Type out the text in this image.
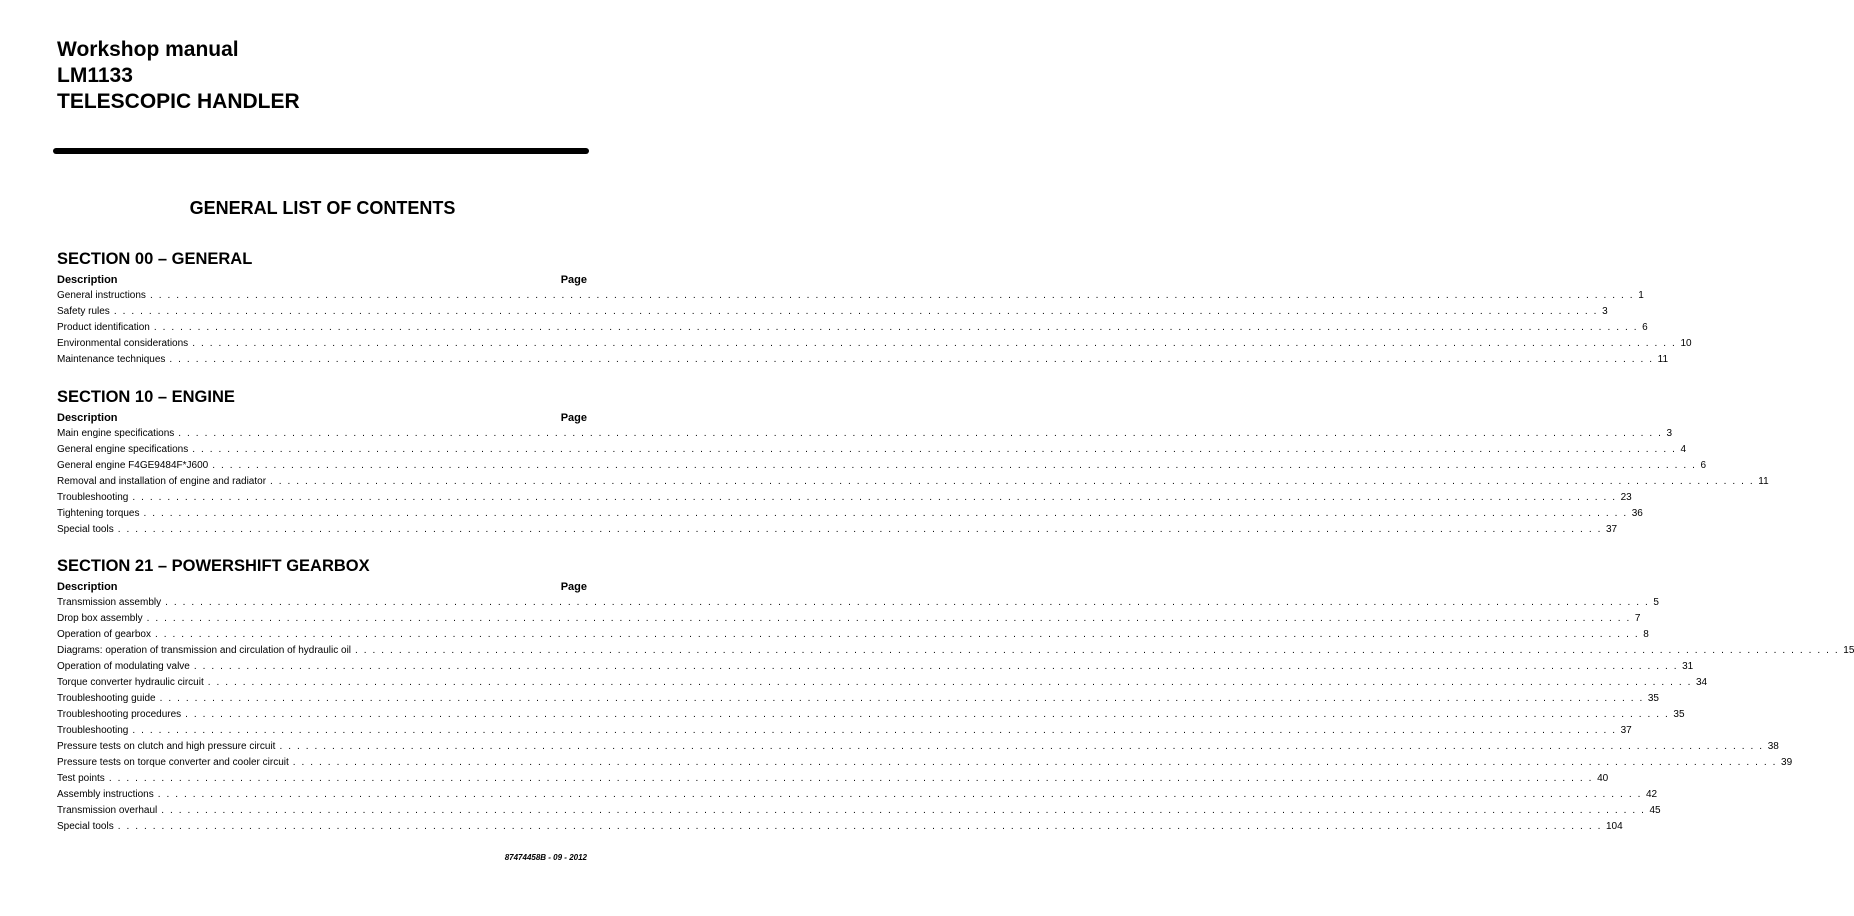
Workshop manual
LM1133
TELESCOPIC HANDLER
GENERAL LIST OF CONTENTS
SECTION 00 – GENERAL
Description	Page
General instructions . . . . . . . . . . . . . . . . . . . . . . . . . . . . . . . . . . . . . . . . . . . . . . . . . . . . . . . . . . . . . . . . . . . . . . . . . . . . . . . . . . . . . . . . . . . . . . . . . . . . . . . . . . . . . . . . . . . . . . . . . . . . . . . . . . . . . . . . . . . . . . . . . . . . . . . . . . . . . . . . . . . . . . . . . . 1
Safety rules . . . . . . . . . . . . . . . . . . . . . . . . . . . . . . . . . . . . . . . . . . . . . . . . . . . . . . . . . . . . . . . . . . . . . . . . . . . . . . . . . . . . . . . . . . . . . . . . . . . . . . . . . . . . . . . . . . . . . . . . . . . . . . . . . . . . . . . . . . . . . . . . . . . . . . . . . . . . . . . . . . . . . . . . . . 3
Product identification . . . . . . . . . . . . . . . . . . . . . . . . . . . . . . . . . . . . . . . . . . . . . . . . . . . . . . . . . . . . . . . . . . . . . . . . . . . . . . . . . . . . . . . . . . . . . . . . . . . . . . . . . . . . . . . . . . . . . . . . . . . . . . . . . . . . . . . . . . . . . . . . . . . . . . . . . . . . . . . . . . . . . . . . . . 6
Environmental considerations . . . . . . . . . . . . . . . . . . . . . . . . . . . . . . . . . . . . . . . . . . . . . . . . . . . . . . . . . . . . . . . . . . . . . . . . . . . . . . . . . . . . . . . . . . . . . . . . . . . . . . . . . . . . . . . . . . . . . . . . . . . . . . . . . . . . . . . . . . . . . . . . . . . . . . . . . . . . . . . . . . . . . . . . . . 10
Maintenance techniques . . . . . . . . . . . . . . . . . . . . . . . . . . . . . . . . . . . . . . . . . . . . . . . . . . . . . . . . . . . . . . . . . . . . . . . . . . . . . . . . . . . . . . . . . . . . . . . . . . . . . . . . . . . . . . . . . . . . . . . . . . . . . . . . . . . . . . . . . . . . . . . . . . . . . . . . . . . . . . . . . . . . . . . . . . 11
SECTION 10 – ENGINE
Description	Page
Main engine specifications . . . . . . . . . . . . . . . . . . . . . . . . . . . . . . . . . . . . . . . . . . . . . . . . . . . . . . . . . . . . . . . . . . . . . . . . . . . . . . . . . . . . . . . . . . . . . . . . . . . . . . . . . . . . . . . . . . . . . . . . . . . . . . . . . . . . . . . . . . . . . . . . . . . . . . . . . . . . . . . . . . . . . . . . . . 3
General engine specifications . . . . . . . . . . . . . . . . . . . . . . . . . . . . . . . . . . . . . . . . . . . . . . . . . . . . . . . . . . . . . . . . . . . . . . . . . . . . . . . . . . . . . . . . . . . . . . . . . . . . . . . . . . . . . . . . . . . . . . . . . . . . . . . . . . . . . . . . . . . . . . . . . . . . . . . . . . . . . . . . . . . . . . . . . . 4
General engine F4GE9484F*J600 . . . . . . . . . . . . . . . . . . . . . . . . . . . . . . . . . . . . . . . . . . . . . . . . . . . . . . . . . . . . . . . . . . . . . . . . . . . . . . . . . . . . . . . . . . . . . . . . . . . . . . . . . . . . . . . . . . . . . . . . . . . . . . . . . . . . . . . . . . . . . . . . . . . . . . . . . . . . . . . . . . . . . . . . . . 6
Removal and installation of engine and radiator . . . . . . . . . . . . . . . . . . . . . . . . . . . . . . . . . . . . . . . . . . . . . . . . . . . . . . . . . . . . . . . . . . . . . . . . . . . . . . . . . . . . . . . . . . . . . . . . . . . . . . . . . . . . . . . . . . . . . . . . . . . . . . . . . . . . . . . . . . . . . . . . . . . . . . . . . . . . . . . . . . . . . . . . . . 11
Troubleshooting . . . . . . . . . . . . . . . . . . . . . . . . . . . . . . . . . . . . . . . . . . . . . . . . . . . . . . . . . . . . . . . . . . . . . . . . . . . . . . . . . . . . . . . . . . . . . . . . . . . . . . . . . . . . . . . . . . . . . . . . . . . . . . . . . . . . . . . . . . . . . . . . . . . . . . . . . . . . . . . . . . . . . . . . . . 23
Tightening torques . . . . . . . . . . . . . . . . . . . . . . . . . . . . . . . . . . . . . . . . . . . . . . . . . . . . . . . . . . . . . . . . . . . . . . . . . . . . . . . . . . . . . . . . . . . . . . . . . . . . . . . . . . . . . . . . . . . . . . . . . . . . . . . . . . . . . . . . . . . . . . . . . . . . . . . . . . . . . . . . . . . . . . . . . . 36
Special tools . . . . . . . . . . . . . . . . . . . . . . . . . . . . . . . . . . . . . . . . . . . . . . . . . . . . . . . . . . . . . . . . . . . . . . . . . . . . . . . . . . . . . . . . . . . . . . . . . . . . . . . . . . . . . . . . . . . . . . . . . . . . . . . . . . . . . . . . . . . . . . . . . . . . . . . . . . . . . . . . . . . . . . . . . . 37
SECTION 21 – POWERSHIFT GEARBOX
Description	Page
Transmission assembly . . . . . . . . . . . . . . . . . . . . . . . . . . . . . . . . . . . . . . . . . . . . . . . . . . . . . . . . . . . . . . . . . . . . . . . . . . . . . . . . . . . . . . . . . . . . . . . . . . . . . . . . . . . . . . . . . . . . . . . . . . . . . . . . . . . . . . . . . . . . . . . . . . . . . . . . . . . . . . . . . . . . . . . . . . 5
Drop box assembly . . . . . . . . . . . . . . . . . . . . . . . . . . . . . . . . . . . . . . . . . . . . . . . . . . . . . . . . . . . . . . . . . . . . . . . . . . . . . . . . . . . . . . . . . . . . . . . . . . . . . . . . . . . . . . . . . . . . . . . . . . . . . . . . . . . . . . . . . . . . . . . . . . . . . . . . . . . . . . . . . . . . . . . . . . 7
Operation of gearbox . . . . . . . . . . . . . . . . . . . . . . . . . . . . . . . . . . . . . . . . . . . . . . . . . . . . . . . . . . . . . . . . . . . . . . . . . . . . . . . . . . . . . . . . . . . . . . . . . . . . . . . . . . . . . . . . . . . . . . . . . . . . . . . . . . . . . . . . . . . . . . . . . . . . . . . . . . . . . . . . . . . . . . . . . . 8
Diagrams: operation of transmission and circulation of hydraulic oil . . . . . . . . . . . . . . . . . . . . . . . . . . . . . . . . . . . . . . . . . . . . . . . . . . . . . . . . . . . . . . . . . . . . . . . . . . . . . . . . . . . . . . . . . . . . . . . . . . . . . . . . . . . . . . . . . . . . . . . . . . . . . . . . . . . . . . . . . . . . . . . . . . . . . . . . . . . . . . . . . . . . . . . . . . 15
Operation of modulating valve . . . . . . . . . . . . . . . . . . . . . . . . . . . . . . . . . . . . . . . . . . . . . . . . . . . . . . . . . . . . . . . . . . . . . . . . . . . . . . . . . . . . . . . . . . . . . . . . . . . . . . . . . . . . . . . . . . . . . . . . . . . . . . . . . . . . . . . . . . . . . . . . . . . . . . . . . . . . . . . . . . . . . . . . . . 31
Torque converter hydraulic circuit . . . . . . . . . . . . . . . . . . . . . . . . . . . . . . . . . . . . . . . . . . . . . . . . . . . . . . . . . . . . . . . . . . . . . . . . . . . . . . . . . . . . . . . . . . . . . . . . . . . . . . . . . . . . . . . . . . . . . . . . . . . . . . . . . . . . . . . . . . . . . . . . . . . . . . . . . . . . . . . . . . . . . . . . . . 34
Troubleshooting guide . . . . . . . . . . . . . . . . . . . . . . . . . . . . . . . . . . . . . . . . . . . . . . . . . . . . . . . . . . . . . . . . . . . . . . . . . . . . . . . . . . . . . . . . . . . . . . . . . . . . . . . . . . . . . . . . . . . . . . . . . . . . . . . . . . . . . . . . . . . . . . . . . . . . . . . . . . . . . . . . . . . . . . . . . . 35
Troubleshooting procedures . . . . . . . . . . . . . . . . . . . . . . . . . . . . . . . . . . . . . . . . . . . . . . . . . . . . . . . . . . . . . . . . . . . . . . . . . . . . . . . . . . . . . . . . . . . . . . . . . . . . . . . . . . . . . . . . . . . . . . . . . . . . . . . . . . . . . . . . . . . . . . . . . . . . . . . . . . . . . . . . . . . . . . . . . . 35
Troubleshooting . . . . . . . . . . . . . . . . . . . . . . . . . . . . . . . . . . . . . . . . . . . . . . . . . . . . . . . . . . . . . . . . . . . . . . . . . . . . . . . . . . . . . . . . . . . . . . . . . . . . . . . . . . . . . . . . . . . . . . . . . . . . . . . . . . . . . . . . . . . . . . . . . . . . . . . . . . . . . . . . . . . . . . . . . . 37
Pressure tests on clutch and high pressure circuit . . . . . . . . . . . . . . . . . . . . . . . . . . . . . . . . . . . . . . . . . . . . . . . . . . . . . . . . . . . . . . . . . . . . . . . . . . . . . . . . . . . . . . . . . . . . . . . . . . . . . . . . . . . . . . . . . . . . . . . . . . . . . . . . . . . . . . . . . . . . . . . . . . . . . . . . . . . . . . . . . . . . . . . . . . 38
Pressure tests on torque converter and cooler circuit . . . . . . . . . . . . . . . . . . . . . . . . . . . . . . . . . . . . . . . . . . . . . . . . . . . . . . . . . . . . . . . . . . . . . . . . . . . . . . . . . . . . . . . . . . . . . . . . . . . . . . . . . . . . . . . . . . . . . . . . . . . . . . . . . . . . . . . . . . . . . . . . . . . . . . . . . . . . . . . . . . . . . . . . . . 39
Test points . . . . . . . . . . . . . . . . . . . . . . . . . . . . . . . . . . . . . . . . . . . . . . . . . . . . . . . . . . . . . . . . . . . . . . . . . . . . . . . . . . . . . . . . . . . . . . . . . . . . . . . . . . . . . . . . . . . . . . . . . . . . . . . . . . . . . . . . . . . . . . . . . . . . . . . . . . . . . . . . . . . . . . . . . . 40
Assembly instructions . . . . . . . . . . . . . . . . . . . . . . . . . . . . . . . . . . . . . . . . . . . . . . . . . . . . . . . . . . . . . . . . . . . . . . . . . . . . . . . . . . . . . . . . . . . . . . . . . . . . . . . . . . . . . . . . . . . . . . . . . . . . . . . . . . . . . . . . . . . . . . . . . . . . . . . . . . . . . . . . . . . . . . . . . . 42
Transmission overhaul . . . . . . . . . . . . . . . . . . . . . . . . . . . . . . . . . . . . . . . . . . . . . . . . . . . . . . . . . . . . . . . . . . . . . . . . . . . . . . . . . . . . . . . . . . . . . . . . . . . . . . . . . . . . . . . . . . . . . . . . . . . . . . . . . . . . . . . . . . . . . . . . . . . . . . . . . . . . . . . . . . . . . . . . . . 45
Special tools . . . . . . . . . . . . . . . . . . . . . . . . . . . . . . . . . . . . . . . . . . . . . . . . . . . . . . . . . . . . . . . . . . . . . . . . . . . . . . . . . . . . . . . . . . . . . . . . . . . . . . . . . . . . . . . . . . . . . . . . . . . . . . . . . . . . . . . . . . . . . . . . . . . . . . . . . . . . . . . . . . . . . . . . . . 104
87474458B - 09 - 2012
